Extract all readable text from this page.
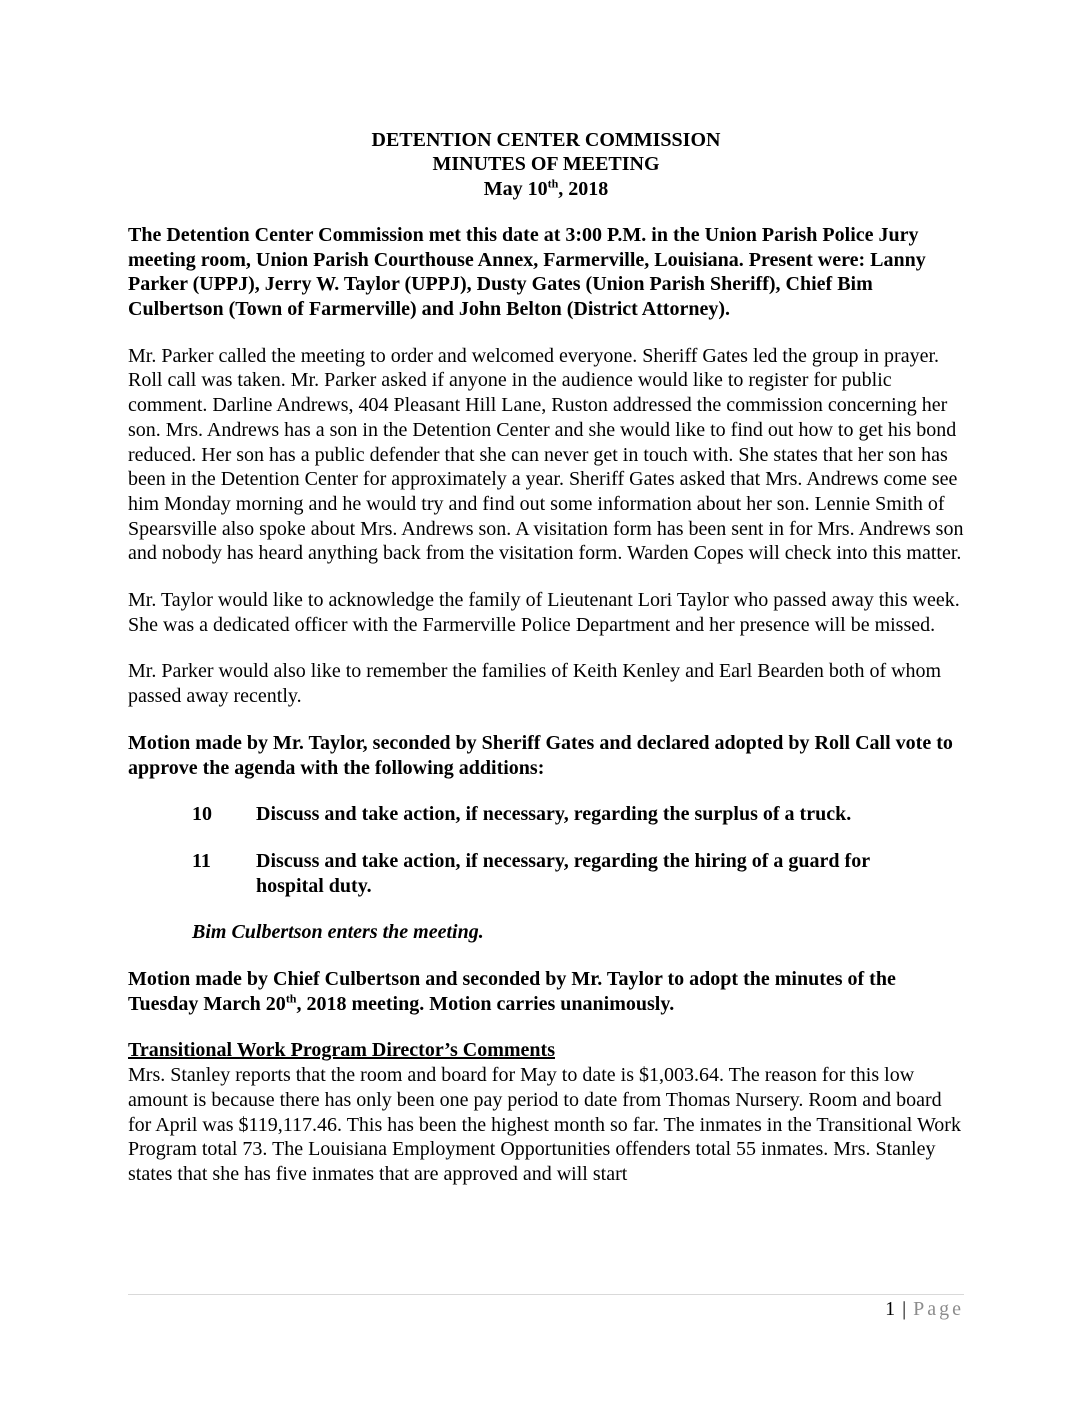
DETENTION CENTER COMMISSION
MINUTES OF MEETING
May 10th, 2018

The Detention Center Commission met this date at 3:00 P.M. in the Union Parish Police Jury meeting room, Union Parish Courthouse Annex, Farmerville, Louisiana. Present were: Lanny Parker (UPPJ), Jerry W. Taylor (UPPJ), Dusty Gates (Union Parish Sheriff), Chief Bim Culbertson (Town of Farmerville) and John Belton (District Attorney).

Mr. Parker called the meeting to order and welcomed everyone. Sheriff Gates led the group in prayer. Roll call was taken. Mr. Parker asked if anyone in the audience would like to register for public comment. Darline Andrews, 404 Pleasant Hill Lane, Ruston addressed the commission concerning her son. Mrs. Andrews has a son in the Detention Center and she would like to find out how to get his bond reduced. Her son has a public defender that she can never get in touch with. She states that her son has been in the Detention Center for approximately a year. Sheriff Gates asked that Mrs. Andrews come see him Monday morning and he would try and find out some information about her son. Lennie Smith of Spearsville also spoke about Mrs. Andrews son. A visitation form has been sent in for Mrs. Andrews son and nobody has heard anything back from the visitation form. Warden Copes will check into this matter.

Mr. Taylor would like to acknowledge the family of Lieutenant Lori Taylor who passed away this week. She was a dedicated officer with the Farmerville Police Department and her presence will be missed.

Mr. Parker would also like to remember the families of Keith Kenley and Earl Bearden both of whom passed away recently.

Motion made by Mr. Taylor, seconded by Sheriff Gates and declared adopted by Roll Call vote to approve the agenda with the following additions:

10	Discuss and take action, if necessary, regarding the surplus of a truck.
11	Discuss and take action, if necessary, regarding the hiring of a guard for hospital duty.
Bim Culbertson enters the meeting.

Motion made by Chief Culbertson and seconded by Mr. Taylor to adopt the minutes of the Tuesday March 20th, 2018 meeting. Motion carries unanimously.

Transitional Work Program Director’s Comments
Mrs. Stanley reports that the room and board for May to date is $1,003.64. The reason for this low amount is because there has only been one pay period to date from Thomas Nursery. Room and board for April was $119,117.46. This has been the highest month so far. The inmates in the Transitional Work Program total 73. The Louisiana Employment Opportunities offenders total 55 inmates. Mrs. Stanley states that she has five inmates that are approved and will start
1 | Page
